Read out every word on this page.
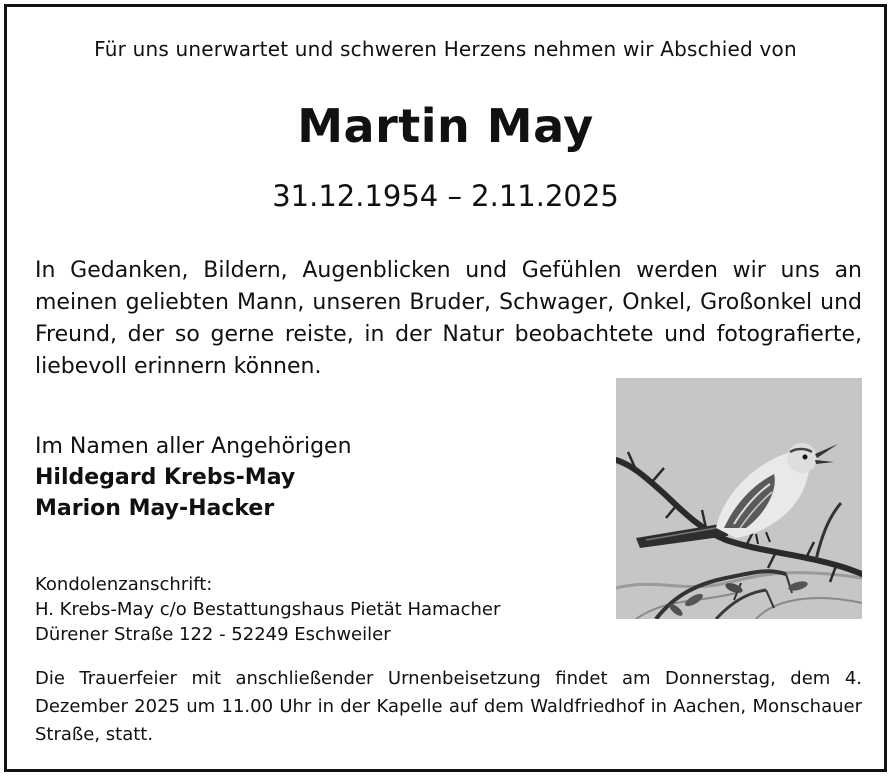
Für uns unerwartet und schweren Herzens nehmen wir Abschied von

Martin May

31.12.1954 – 2.11.2025

In Gedanken, Bildern, Augenblicken und Gefühlen werden wir uns an meinen geliebten Mann, unseren Bruder, Schwager, Onkel, Großonkel und Freund, der so gerne reiste, in der Natur beobachtete und fotografierte, liebevoll erinnern können.

Im Namen aller Angehörigen
Hildegard Krebs-May
Marion May-Hacker
Kondolenzanschrift:
H. Krebs-May c/o Bestattungshaus Pietät Hamacher
Dürener Straße 122 - 52249 Eschweiler

Die Trauerfeier mit anschließender Urnenbeisetzung findet am Donnerstag, dem 4. Dezember 2025 um 11.00 Uhr in der Kapelle auf dem Waldfriedhof in Aachen, Monschauer Straße, statt.
